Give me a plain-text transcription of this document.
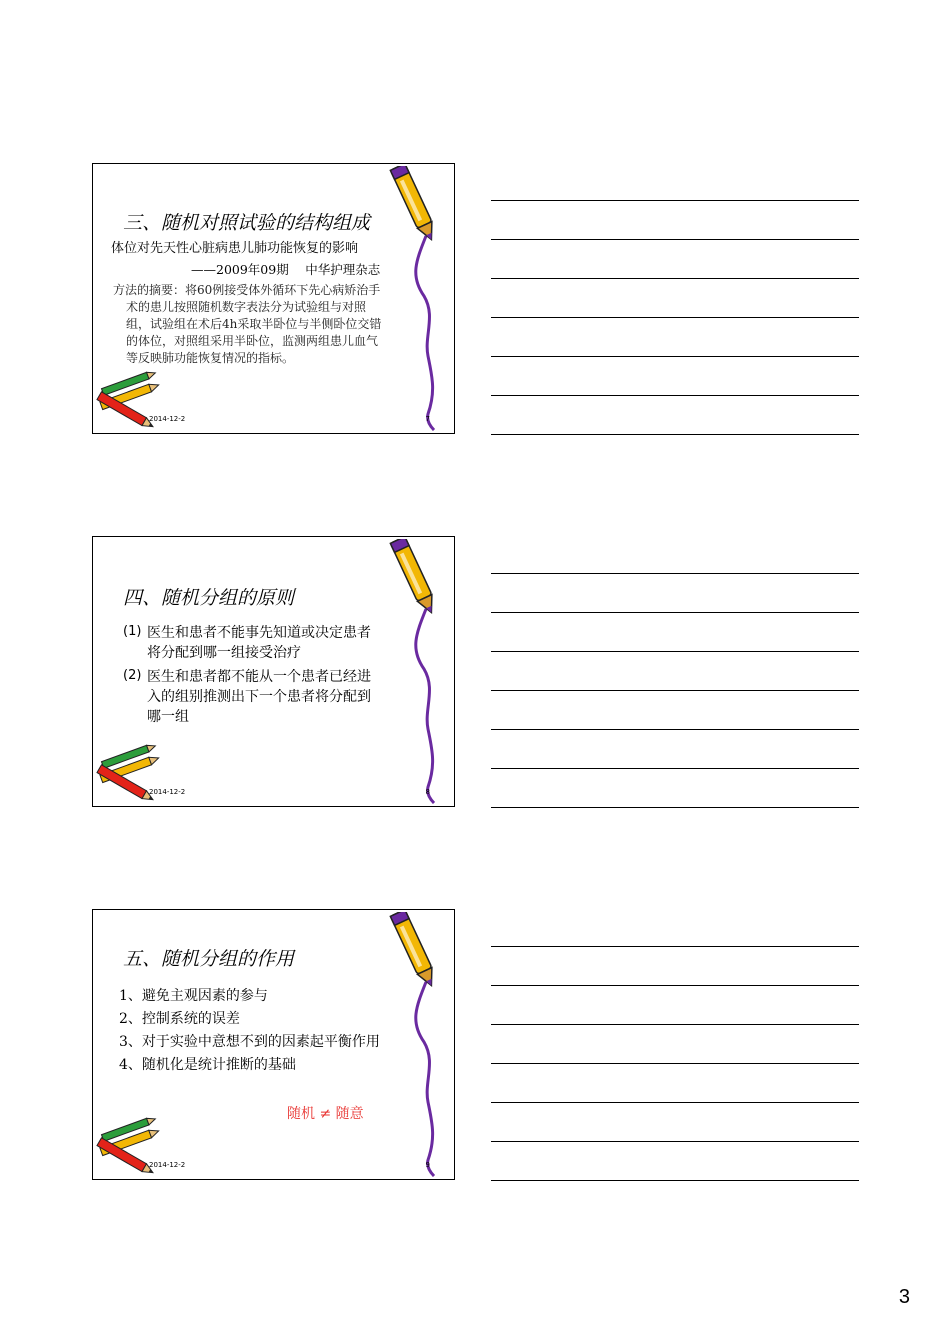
三、随机对照试验的结构组成
体位对先天性心脏病患儿肺功能恢复的影响
——2009年09期　 中华护理杂志
方法的摘要：将60例接受体外循环下先心病矫治手
术的患儿按照随机数字表法分为试验组与对照
组，试验组在术后4h采取半卧位与半侧卧位交错
的体位，对照组采用半卧位，监测两组患儿血气
等反映肺功能恢复情况的指标。
2014-12-2	7
四、随机分组的原则
(1) 医生和患者不能事先知道或决定患者
将分配到哪一组接受治疗
(2) 医生和患者都不能从一个患者已经进
入的组别推测出下一个患者将分配到
哪一组
2014-12-2	8
五、随机分组的作用
1、避免主观因素的参与
2、控制系统的误差
3、对于实验中意想不到的因素起平衡作用
4、随机化是统计推断的基础
随机 ≠ 随意
2014-12-2	9
3
